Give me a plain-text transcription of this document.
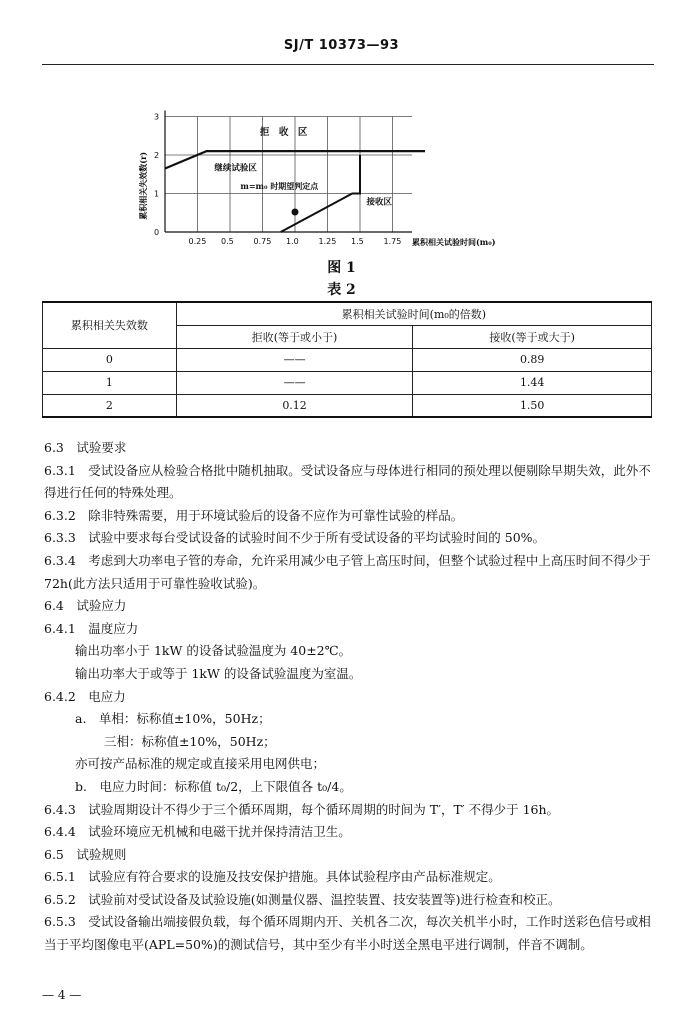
SJ/T 10373—93
0
1
2
3
0.25 0.5 0.75 1.0 1.25 1.5 1.75
拒　收　区
继续试验区
m=m₀ 时期望判定点
接收区
累积相关试验时间(m₀)
累积相关失效数(r)
图 1
表 2
累积相关失效数	累积相关试验时间(m₀的倍数)	
	拒收(等于或小于)	接收(等于或大于)
0	——	0.89
1	——	1.44
2	0.12	1.50

6.3　试验要求

6.3.1　受试设备应从检验合格批中随机抽取。受试设备应与母体进行相同的预处理以便剔除早期失效，此外不得进行任何的特殊处理。

6.3.2　除非特殊需要，用于环境试验后的设备不应作为可靠性试验的样品。

6.3.3　试验中要求每台受试设备的试验时间不少于所有受试设备的平均试验时间的 50%。

6.3.4　考虑到大功率电子管的寿命，允许采用减少电子管上高压时间，但整个试验过程中上高压时间不得少于 72h(此方法只适用于可靠性验收试验)。

6.4　试验应力

6.4.1　温度应力

输出功率小于 1kW 的设备试验温度为 40±2℃。

输出功率大于或等于 1kW 的设备试验温度为室温。

6.4.2　电应力

a.　单相：标称值±10%，50Hz；

三相：标称值±10%，50Hz；

亦可按产品标准的规定或直接采用电网供电；

b.　电应力时间：标称值 t₀/2，上下限值各 t₀/4。

6.4.3　试验周期设计不得少于三个循环周期，每个循环周期的时间为 T′，T′ 不得少于 16h。

6.4.4　试验环境应无机械和电磁干扰并保持清洁卫生。

6.5　试验规则

6.5.1　试验应有符合要求的设施及技安保护措施。具体试验程序由产品标准规定。

6.5.2　试验前对受试设备及试验设施(如测量仪器、温控装置、技安装置等)进行检查和校正。

6.5.3　受试设备输出端接假负载，每个循环周期内开、关机各二次，每次关机半小时，工作时送彩色信号或相当于平均图像电平(APL=50%)的测试信号，其中至少有半小时送全黑电平进行调制，伴音不调制。

— 4 —
